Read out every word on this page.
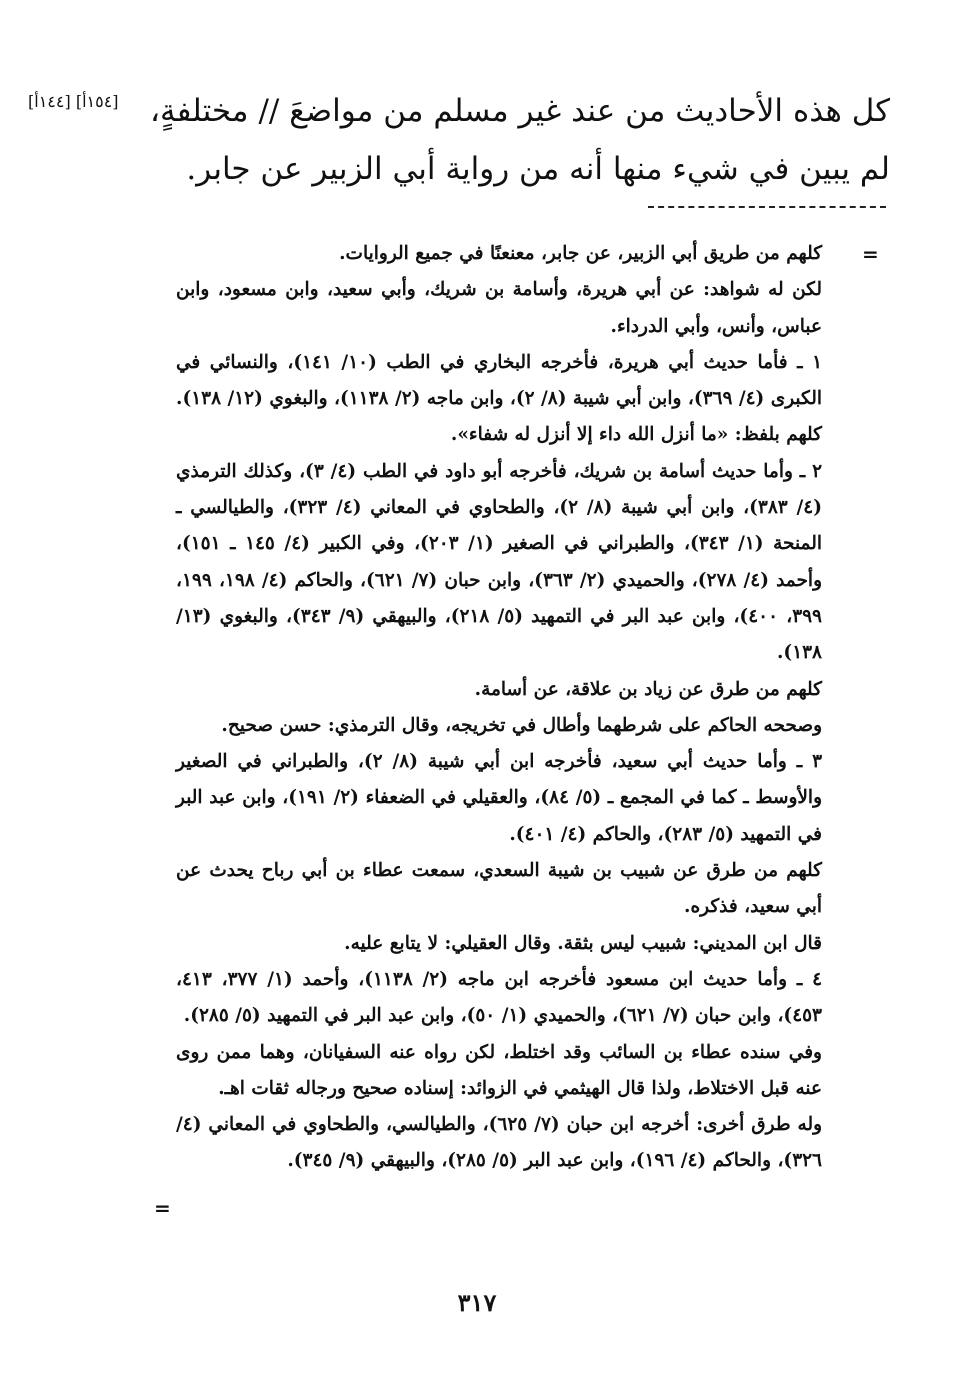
[١٤٤أ] [١٥٤أ] كل هذه الأحاديث من عند غير مسلم من مواضعَ // مختلفةٍ، لم يبين في شيء منها أنه من رواية أبي الزبير عن جابر.
=

كلهم من طريق أبي الزبير، عن جابر، معنعنًا في جميع الروايات.

لكن له شواهد: عن أبي هريرة، وأسامة بن شريك، وأبي سعيد، وابن مسعود، وابن عباس، وأنس، وأبي الدرداء.

١ ـ فأما حديث أبي هريرة، فأخرجه البخاري في الطب (١٠/ ١٤١)، والنسائي في الكبرى (٤/ ٣٦٩)، وابن أبي شيبة (٨/ ٢)، وابن ماجه (٢/ ١١٣٨)، والبغوي (١٢/ ١٣٨).

كلهم بلفظ: «ما أنزل الله داء إلا أنزل له شفاء».

٢ ـ وأما حديث أسامة بن شريك، فأخرجه أبو داود في الطب (٤/ ٣)، وكذلك الترمذي (٤/ ٣٨٣)، وابن أبي شيبة (٨/ ٢)، والطحاوي في المعاني (٤/ ٣٢٣)، والطيالسي ـ المنحة (١/ ٣٤٣)، والطبراني في الصغير (١/ ٢٠٣)، وفي الكبير (٤/ ١٤٥ ـ ١٥١)، وأحمد (٤/ ٢٧٨)، والحميدي (٢/ ٣٦٣)، وابن حبان (٧/ ٦٢١)، والحاكم (٤/ ١٩٨، ١٩٩، ٣٩٩، ٤٠٠)، وابن عبد البر في التمهيد (٥/ ٢١٨)، والبيهقي (٩/ ٣٤٣)، والبغوي (١٣/ ١٣٨).

كلهم من طرق عن زياد بن علاقة، عن أسامة.

وصححه الحاكم على شرطهما وأطال في تخريجه، وقال الترمذي: حسن صحيح.

٣ ـ وأما حديث أبي سعيد، فأخرجه ابن أبي شيبة (٨/ ٢)، والطبراني في الصغير والأوسط ـ كما في المجمع ـ (٥/ ٨٤)، والعقيلي في الضعفاء (٢/ ١٩١)، وابن عبد البر في التمهيد (٥/ ٢٨٣)، والحاكم (٤/ ٤٠١).

كلهم من طرق عن شبيب بن شيبة السعدي، سمعت عطاء بن أبي رباح يحدث عن أبي سعيد، فذكره.

قال ابن المديني: شبيب ليس بثقة. وقال العقيلي: لا يتابع عليه.

٤ ـ وأما حديث ابن مسعود فأخرجه ابن ماجه (٢/ ١١٣٨)، وأحمد (١/ ٣٧٧، ٤١٣، ٤٥٣)، وابن حبان (٧/ ٦٢١)، والحميدي (١/ ٥٠)، وابن عبد البر في التمهيد (٥/ ٢٨٥).

وفي سنده عطاء بن السائب وقد اختلط، لكن رواه عنه السفيانان، وهما ممن روى عنه قبل الاختلاط، ولذا قال الهيثمي في الزوائد: إسناده صحيح ورجاله ثقات اهـ.

وله طرق أخرى: أخرجه ابن حبان (٧/ ٦٢٥)، والطيالسي، والطحاوي في المعاني (٤/ ٣٢٦)، والحاكم (٤/ ١٩٦)، وابن عبد البر (٥/ ٢٨٥)، والبيهقي (٩/ ٣٤٥).

=
٣١٧
